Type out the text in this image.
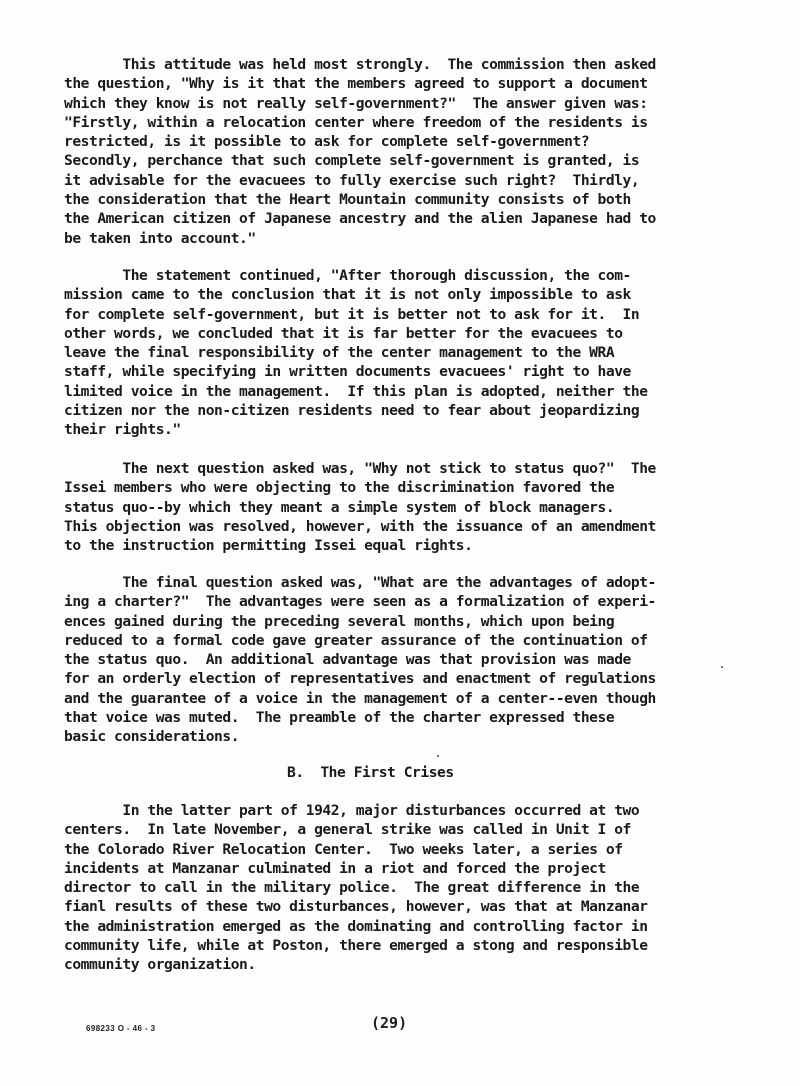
This attitude was held most strongly.  The commission then asked
the question, "Why is it that the members agreed to support a document
which they know is not really self-government?"  The answer given was:
"Firstly, within a relocation center where freedom of the residents is
restricted, is it possible to ask for complete self-government?
Secondly, perchance that such complete self-government is granted, is
it advisable for the evacuees to fully exercise such right?  Thirdly,
the consideration that the Heart Mountain community consists of both
the American citizen of Japanese ancestry and the alien Japanese had to
be taken into account."
The statement continued, "After thorough discussion, the com-
mission came to the conclusion that it is not only impossible to ask
for complete self-government, but it is better not to ask for it.  In
other words, we concluded that it is far better for the evacuees to
leave the final responsibility of the center management to the WRA
staff, while specifying in written documents evacuees' right to have
limited voice in the management.  If this plan is adopted, neither the
citizen nor the non-citizen residents need to fear about jeopardizing
their rights."
The next question asked was, "Why not stick to status quo?"  The
Issei members who were objecting to the discrimination favored the
status quo--by which they meant a simple system of block managers.
This objection was resolved, however, with the issuance of an amendment
to the instruction permitting Issei equal rights.
The final question asked was, "What are the advantages of adopt-
ing a charter?"  The advantages were seen as a formalization of experi-
ences gained during the preceding several months, which upon being
reduced to a formal code gave greater assurance of the continuation of
the status quo.  An additional advantage was that provision was made
for an orderly election of representatives and enactment of regulations
and the guarantee of a voice in the management of a center--even though
that voice was muted.  The preamble of the charter expressed these
basic considerations.
B.  The First Crises
In the latter part of 1942, major disturbances occurred at two
centers.  In late November, a general strike was called in Unit I of
the Colorado River Relocation Center.  Two weeks later, a series of
incidents at Manzanar culminated in a riot and forced the project
director to call in the military police.  The great difference in the
fianl results of these two disturbances, however, was that at Manzanar
the administration emerged as the dominating and controlling factor in
community life, while at Poston, there emerged a stong and responsible
community organization.
(29)
698233 O - 46 - 3
